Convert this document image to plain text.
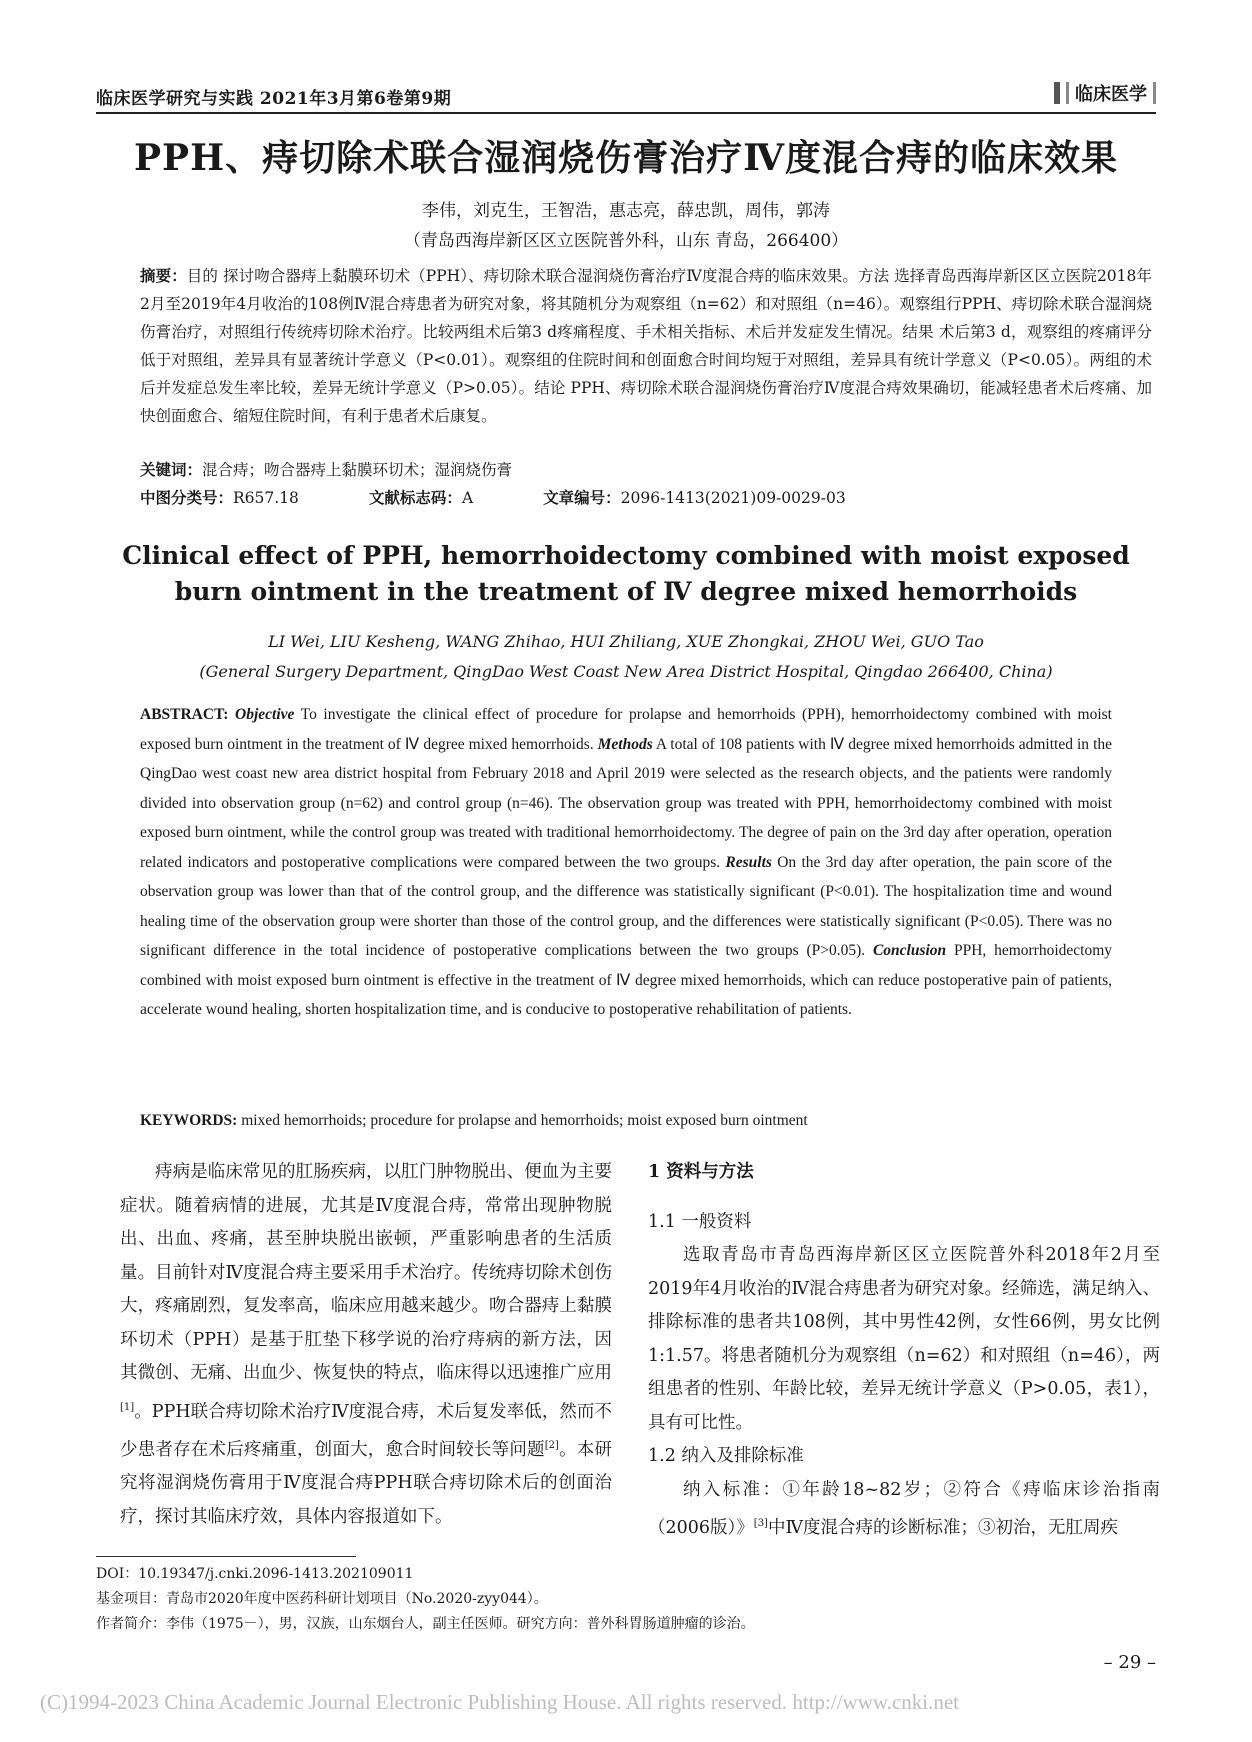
临床医学研究与实践 2021年3月第6卷第9期	临床医学
PPH、痔切除术联合湿润烧伤膏治疗Ⅳ度混合痔的临床效果
李伟，刘克生，王智浩，惠志亮，薛忠凯，周伟，郭涛
（青岛西海岸新区区立医院普外科，山东 青岛，266400）
摘要：目的 探讨吻合器痔上黏膜环切术（PPH）、痔切除术联合湿润烧伤膏治疗Ⅳ度混合痔的临床效果。方法 选择青岛西海岸新区区立医院2018年2月至2019年4月收治的108例Ⅳ混合痔患者为研究对象，将其随机分为观察组（n=62）和对照组（n=46）。观察组行PPH、痔切除术联合湿润烧伤膏治疗，对照组行传统痔切除术治疗。比较两组术后第3 d疼痛程度、手术相关指标、术后并发症发生情况。结果 术后第3 d，观察组的疼痛评分低于对照组，差异具有显著统计学意义（P<0.01）。观察组的住院时间和创面愈合时间均短于对照组，差异具有统计学意义（P<0.05）。两组的术后并发症总发生率比较，差异无统计学意义（P>0.05）。结论 PPH、痔切除术联合湿润烧伤膏治疗Ⅳ度混合痔效果确切，能减轻患者术后疼痛、加快创面愈合、缩短住院时间，有利于患者术后康复。
关键词：混合痔；吻合器痔上黏膜环切术；湿润烧伤膏
中图分类号：R657.18	文献标志码：A	文章编号：2096-1413(2021)09-0029-03
Clinical effect of PPH, hemorrhoidectomy combined with moist exposed
burn ointment in the treatment of Ⅳ degree mixed hemorrhoids
LI Wei, LIU Kesheng, WANG Zhihao, HUI Zhiliang, XUE Zhongkai, ZHOU Wei, GUO Tao
(General Surgery Department, QingDao West Coast New Area District Hospital, Qingdao 266400, China)
ABSTRACT: Objective To investigate the clinical effect of procedure for prolapse and hemorrhoids (PPH), hemorrhoidectomy combined with moist exposed burn ointment in the treatment of Ⅳ degree mixed hemorrhoids. Methods A total of 108 patients with Ⅳ degree mixed hemorrhoids admitted in the QingDao west coast new area district hospital from February 2018 and April 2019 were selected as the research objects, and the patients were randomly divided into observation group (n=62) and control group (n=46). The observation group was treated with PPH, hemorrhoidectomy combined with moist exposed burn ointment, while the control group was treated with traditional hemorrhoidectomy. The degree of pain on the 3rd day after operation, operation related indicators and postoperative complications were compared between the two groups. Results On the 3rd day after operation, the pain score of the observation group was lower than that of the control group, and the difference was statistically significant (P<0.01). The hospitalization time and wound healing time of the observation group were shorter than those of the control group, and the differences were statistically significant (P<0.05). There was no significant difference in the total incidence of postoperative complications between the two groups (P>0.05). Conclusion PPH, hemorrhoidectomy combined with moist exposed burn ointment is effective in the treatment of Ⅳ degree mixed hemorrhoids, which can reduce postoperative pain of patients, accelerate wound healing, shorten hospitalization time, and is conducive to postoperative rehabilitation of patients.
KEYWORDS: mixed hemorrhoids; procedure for prolapse and hemorrhoids; moist exposed burn ointment
痔病是临床常见的肛肠疾病，以肛门肿物脱出、便血为主要症状。随着病情的进展，尤其是Ⅳ度混合痔，常常出现肿物脱出、出血、疼痛，甚至肿块脱出嵌顿，严重影响患者的生活质量。目前针对Ⅳ度混合痔主要采用手术治疗。传统痔切除术创伤大，疼痛剧烈，复发率高，临床应用越来越少。吻合器痔上黏膜环切术（PPH）是基于肛垫下移学说的治疗痔病的新方法，因其微创、无痛、出血少、恢复快的特点，临床得以迅速推广应用[1]。PPH联合痔切除术治疗Ⅳ度混合痔，术后复发率低，然而不少患者存在术后疼痛重，创面大，愈合时间较长等问题[2]。本研究将湿润烧伤膏用于Ⅳ度混合痔PPH联合痔切除术后的创面治疗，探讨其临床疗效，具体内容报道如下。
1 资料与方法
1.1 一般资料

选取青岛市青岛西海岸新区区立医院普外科2018年2月至2019年4月收治的Ⅳ混合痔患者为研究对象。经筛选，满足纳入、排除标准的患者共108例，其中男性42例，女性66例，男女比例1:1.57。将患者随机分为观察组（n=62）和对照组（n=46），两组患者的性别、年龄比较，差异无统计学意义（P>0.05，表1），具有可比性。

1.2 纳入及排除标准

纳入标准：①年龄18~82岁；②符合《痔临床诊治指南（2006版）》[3]中Ⅳ度混合痔的诊断标准；③初治，无肛周疾

DOI：10.19347/j.cnki.2096-1413.202109011
基金项目：青岛市2020年度中医药科研计划项目（No.2020-zyy044）。
作者简介：李伟（1975－），男，汉族，山东烟台人，副主任医师。研究方向：普外科胃肠道肿瘤的诊治。
– 29 –
(C)1994-2023 China Academic Journal Electronic Publishing House. All rights reserved. http://www.cnki.net
